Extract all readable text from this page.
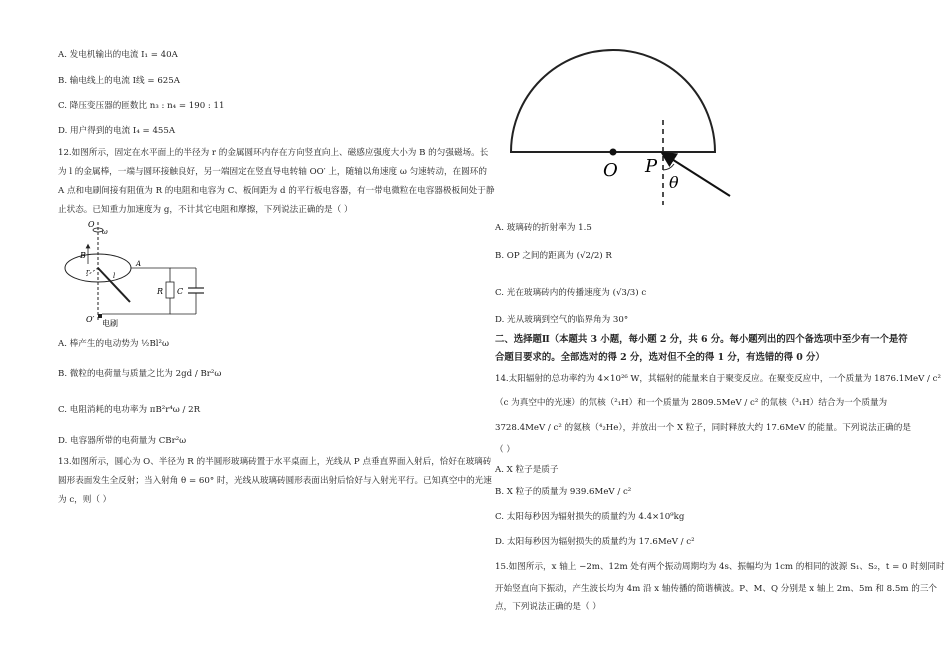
A. 发电机输出的电流 I₁ = 40A
B. 输电线上的电流 I线 = 625A
C. 降压变压器的匝数比 n₃ : n₄ = 190 : 11
D. 用户得到的电流 I₄ = 455A
12.如图所示，固定在水平面上的半径为 r 的金属圆环内存在方向竖直向上、磁感应强度大小为 B 的匀强磁场。长
为 l 的金属棒，一端与圆环接触良好，另一端固定在竖直导电转轴 OO′ 上，随轴以角速度 ω 匀速转动，在圆环的
A 点和电刷间接有阻值为 R 的电阻和电容为 C、板间距为 d 的平行板电容器，有一带电微粒在电容器极板间处于静
止状态。已知重力加速度为 g，不计其它电阻和摩擦，下列说法正确的是（ ）
O
ω
B
r	l
A
R C
O′ 电刷
A. 棒产生的电动势为 ½Bl²ω
B. 微粒的电荷量与质量之比为 2gd / Br²ω
C. 电阻消耗的电功率为 πB²r⁴ω / 2R
D. 电容器所带的电荷量为 CBr²ω
13.如图所示，圆心为 O、半径为 R 的半圆形玻璃砖置于水平桌面上，光线从 P 点垂直界面入射后，恰好在玻璃砖
圆形表面发生全反射；当入射角 θ = 60° 时，光线从玻璃砖圆形表面出射后恰好与入射光平行。已知真空中的光速
为 c，则（ ）
O P
θ
A. 玻璃砖的折射率为 1.5
B. OP 之间的距离为 (√2/2) R
C. 光在玻璃砖内的传播速度为 (√3/3) c
D. 光从玻璃到空气的临界角为 30°
二、选择题Ⅱ（本题共 3 小题，每小题 2 分，共 6 分。每小题列出的四个备选项中至少有一个是符
合题目要求的。全部选对的得 2 分，选对但不全的得 1 分，有选错的得 0 分）
14.太阳辐射的总功率约为 4×10²⁶ W，其辐射的能量来自于聚变反应。在聚变反应中，一个质量为 1876.1MeV / c²
（c 为真空中的光速）的氘核（²₁H）和一个质量为 2809.5MeV / c² 的氚核（³₁H）结合为一个质量为
3728.4MeV / c² 的氦核（⁴₂He），并放出一个 X 粒子，同时释放大约 17.6MeV 的能量。下列说法正确的是
（ ）
A. X 粒子是质子
B. X 粒子的质量为 939.6MeV / c²
C. 太阳每秒因为辐射损失的质量约为 4.4×10⁹kg
D. 太阳每秒因为辐射损失的质量约为 17.6MeV / c²
15.如图所示，x 轴上 −2m、12m 处有两个振动周期均为 4s、振幅均为 1cm 的相同的波源 S₁、S₂，t = 0 时刻同时
开始竖直向下振动，产生波长均为 4m 沿 x 轴传播的简谐横波。P、M、Q 分别是 x 轴上 2m、5m 和 8.5m 的三个
点，下列说法正确的是（ ）
